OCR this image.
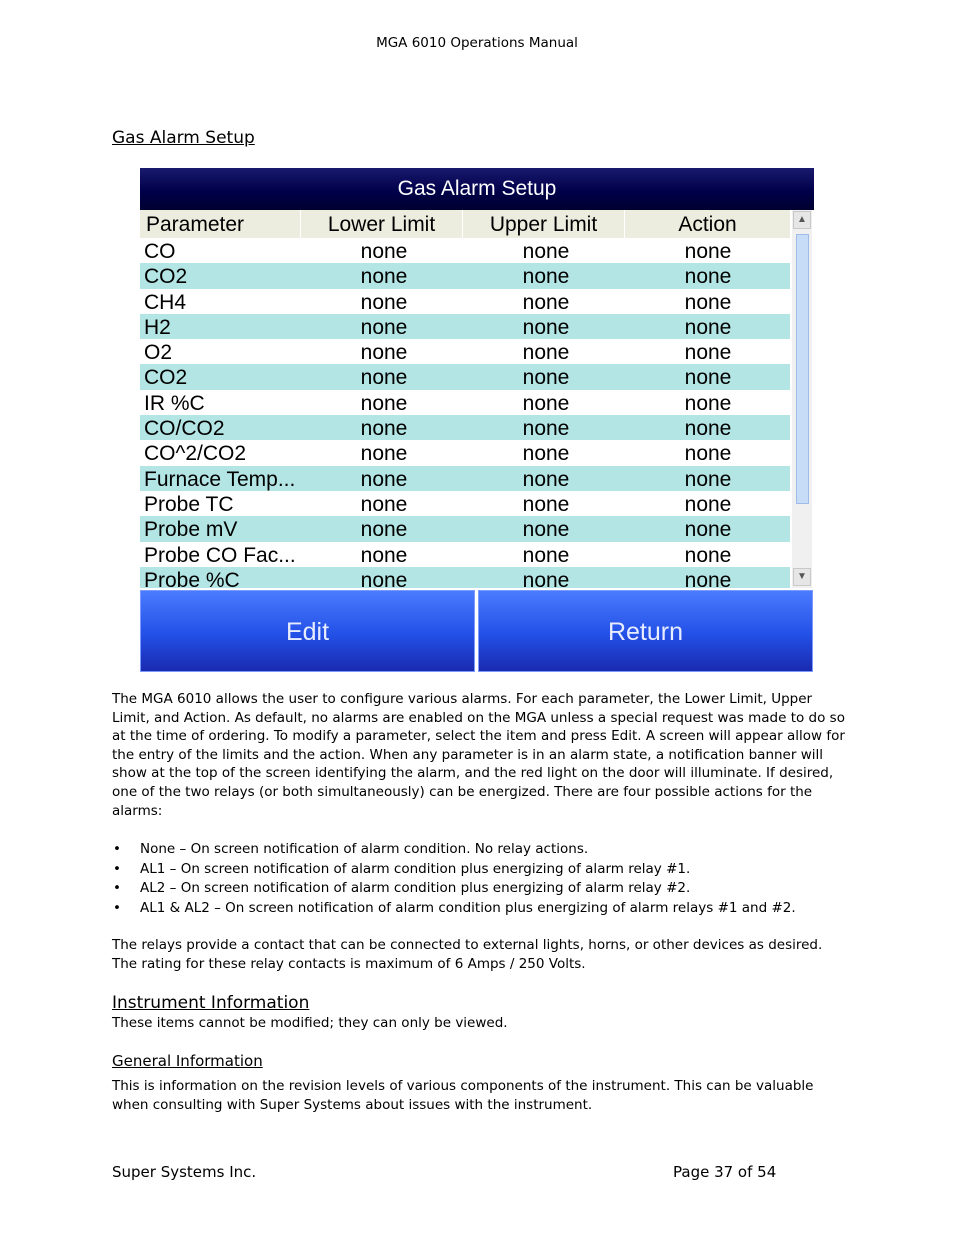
MGA 6010 Operations Manual
Gas Alarm Setup
Gas Alarm Setup
Parameter	Lower Limit	Upper Limit	Action
CO	none	none	none
CO2	none	none	none
CH4	none	none	none
H2	none	none	none
O2	none	none	none
CO2	none	none	none
IR %C	none	none	none
CO/CO2	none	none	none
CO^2/CO2	none	none	none
Furnace Temp...	none	none	none
Probe TC	none	none	none
Probe mV	none	none	none
Probe CO Fac...	none	none	none
Probe %C	none	none	none
▲
▼
Edit	Return

The MGA 6010 allows the user to configure various alarms. For each parameter, the Lower Limit, Upper Limit, and Action. As default, no alarms are enabled on the MGA unless a special request was made to do so at the time of ordering. To modify a parameter, select the item and press Edit. A screen will appear allow for the entry of the limits and the action. When any parameter is in an alarm state, a notification banner will show at the top of the screen identifying the alarm, and the red light on the door will illuminate. If desired, one of the two relays (or both simultaneously) can be energized. There are four possible actions for the alarms:

• None – On screen notification of alarm condition. No relay actions.
• AL1 – On screen notification of alarm condition plus energizing of alarm relay #1.
• AL2 – On screen notification of alarm condition plus energizing of alarm relay #2.
• AL1 & AL2 – On screen notification of alarm condition plus energizing of alarm relays #1 and #2.

The relays provide a contact that can be connected to external lights, horns, or other devices as desired. The rating for these relay contacts is maximum of 6 Amps / 250 Volts.

Instrument Information

These items cannot be modified; they can only be viewed.

General Information

This is information on the revision levels of various components of the instrument. This can be valuable when consulting with Super Systems about issues with the instrument.

Super Systems Inc.	Page 37 of 54
